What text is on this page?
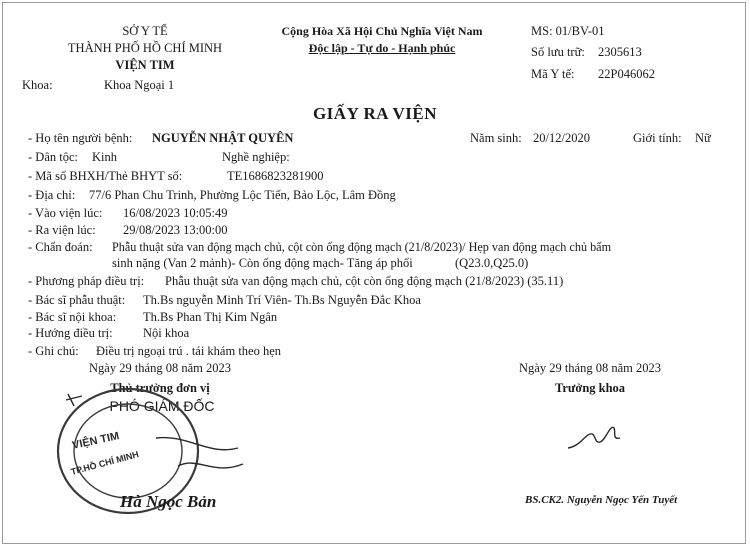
SỞ Y TẾ
THÀNH PHỐ HỒ CHÍ MINH
VIỆN TIM
Khoa:	Khoa Ngoại 1
Cộng Hòa Xã Hội Chủ Nghĩa Việt Nam
Độc lập - Tự do - Hạnh phúc
MS: 01/BV-01
Số lưu trữ: 2305613
Mã Y tế: 22P046062
GIẤY RA VIỆN
- Họ tên người bệnh: NGUYỄN NHẬT QUYÊN	Năm sinh: 20/12/2020	Giới tính: Nữ
- Dân tộc: Kinh	Nghề nghiệp:
- Mã số BHXH/Thẻ BHYT số:	TE1686823281900
- Địa chỉ: 77/6 Phan Chu Trinh, Phường Lộc Tiến, Bảo Lộc, Lâm Đồng
- Vào viện lúc: 16/08/2023 10:05:49
- Ra viện lúc: 29/08/2023 13:00:00
- Chẩn đoán: Phẫu thuật sửa van động mạch chủ, cột còn ống động mạch (21/8/2023)/ Hẹp van động mạch chủ bẩm
sinh nặng (Van 2 mảnh)- Còn ống động mạch- Tăng áp phổi	(Q23.0,Q25.0)
- Phương pháp điều trị: Phẫu thuật sửa van động mạch chủ, cột còn ống động mạch (21/8/2023) (35.11)
- Bác sĩ phẫu thuật: Th.Bs nguyễn Minh Trí Viên- Th.Bs Nguyễn Đắc Khoa
- Bác sĩ nội khoa: Th.Bs Phan Thị Kim Ngân
- Hướng điều trị: Nội khoa
- Ghi chú: Điều trị ngoại trú . tái khám theo hẹn
Ngày 29 tháng 08 năm 2023
Thủ trưởng đơn vị
PHÓ GIÁM ĐỐC
VIỆN TIM
TP.HỒ CHÍ MINH
Hà Ngọc Bản
Ngày 29 tháng 08 năm 2023
Trưởng khoa
BS.CK2. Nguyễn Ngọc Yến Tuyết
